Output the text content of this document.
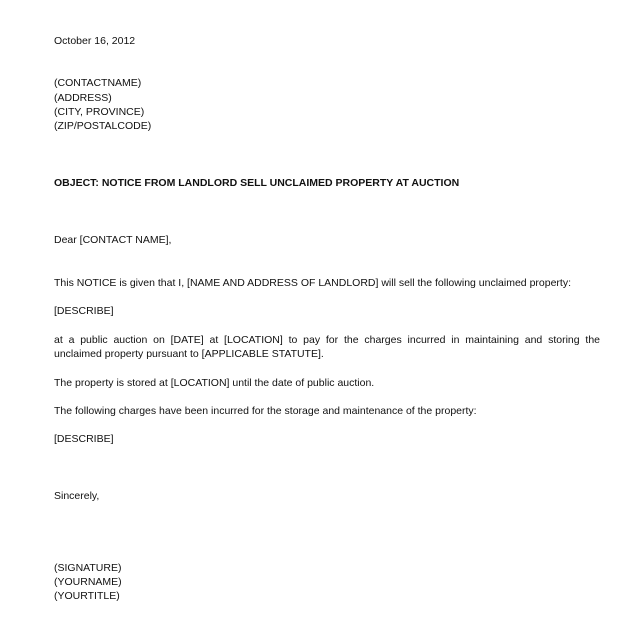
October 16, 2012
(CONTACTNAME)
(ADDRESS)
(CITY, PROVINCE)
(ZIP/POSTALCODE)
OBJECT: NOTICE FROM LANDLORD SELL UNCLAIMED PROPERTY AT AUCTION
Dear [CONTACT NAME],
This NOTICE is given that I, [NAME AND ADDRESS OF LANDLORD] will sell the following unclaimed property:
[DESCRIBE]
at a public auction on [DATE] at [LOCATION] to pay for the charges incurred in maintaining and storing the
unclaimed property pursuant to [APPLICABLE STATUTE].
The property is stored at [LOCATION] until the date of public auction.
The following charges have been incurred for the storage and maintenance of the property:
[DESCRIBE]
Sincerely,
(SIGNATURE)
(YOURNAME)
(YOURTITLE)
